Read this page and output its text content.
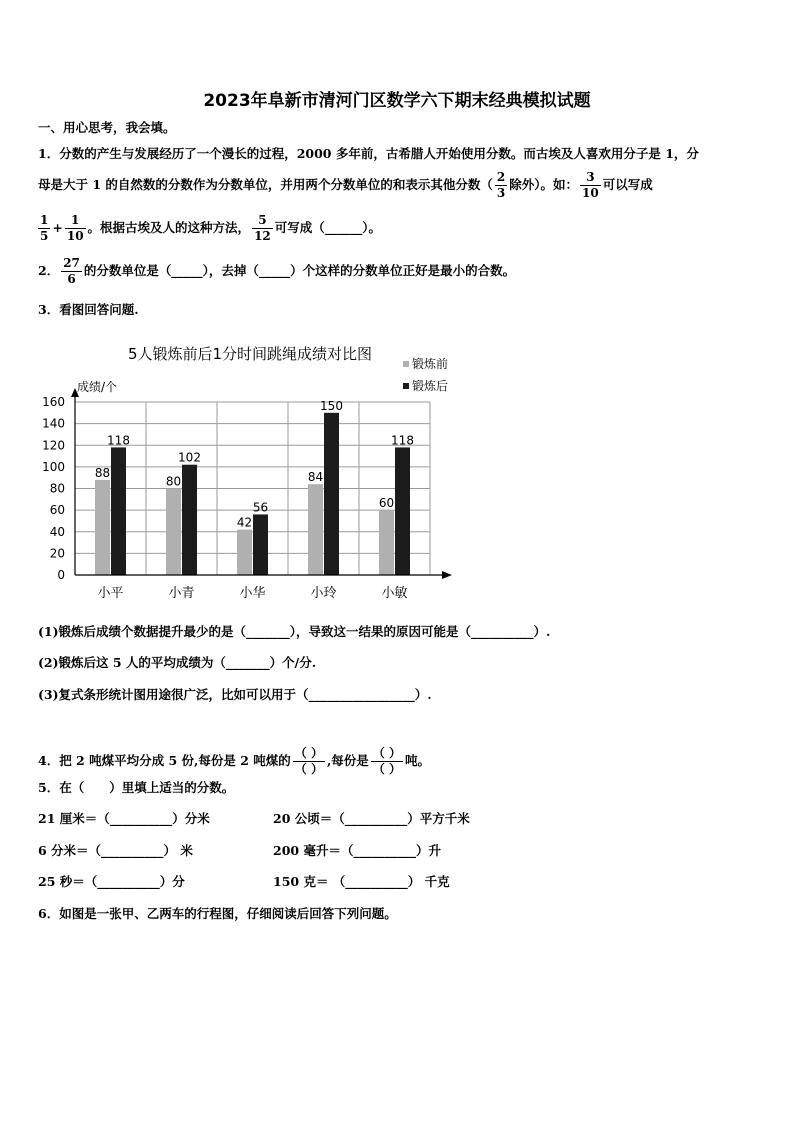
2023年阜新市清河门区数学六下期末经典模拟试题
一、用心思考，我会填。
1．分数的产生与发展经历了一个漫长的过程，2000 多年前，古希腊人开始使用分数。而古埃及人喜欢用分子是 1，分
母是大于 1 的自然数的分数作为分数单位，并用两个分数单位的和表示其他分数（ $\frac{2}{3}$ 除外）。如： $\frac{3}{10}$ 可以写成
$\frac{1}{5} + \frac{1}{10}$ 。根据古埃及人的这种方法， $\frac{5}{12}$ 可写成（______）。
2． $\frac{27}{6}$ 的分数单位是（_____），去掉（_____）个这样的分数单位正好是最小的合数。
3．看图回答问题.
5人锻炼前后1分时间跳绳成绩对比图
成绩/个
88
118
80
102
42
56
84
150
60
118
0
20
40
60
80
100
120
140
160
小平	小青	小华	小玲	小敏
锻炼前
锻炼后
(1)锻炼后成绩个数据提升最少的是（_______），导致这一结果的原因可能是（__________）.
(2)锻炼后这 5 人的平均成绩为（_______）个/分.
(3)复式条形统计图用途很广泛，比如可以用于（_________________）.
4．把 2 吨煤平均分成 5 份,每份是 2 吨煤的 $\frac{( )}{( )}$ ,每份是 $\frac{( )}{( )}$ 吨。
5．在（　　）里填上适当的分数。
21 厘米＝（__________）分米	20 公顷＝（__________）平方千米
6 分米＝（__________） 米	200 毫升＝（__________）升
25 秒＝（__________）分	150 克＝ （__________） 千克
6．如图是一张甲、乙两车的行程图，仔细阅读后回答下列问题。
